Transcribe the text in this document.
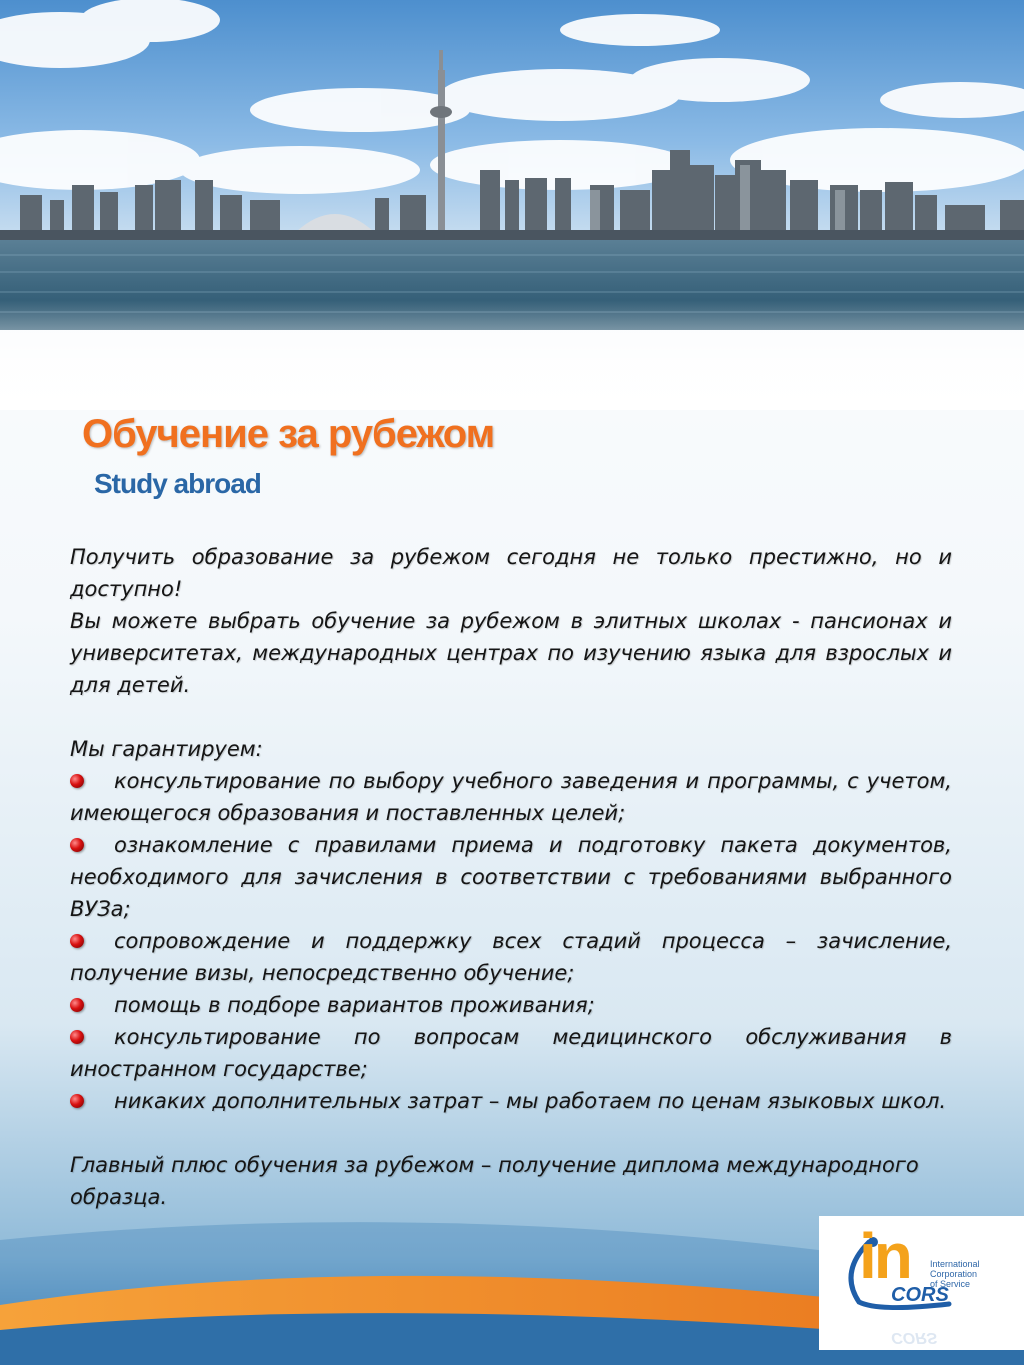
Обучение за рубежом
Study abroad

Получить образование за рубежом сегодня не только престижно, но и доступно!

Вы можете выбрать обучение за рубежом в элитных школах - пансионах и университетах, международных центрах по изучению языка для взрослых и для детей.

Мы гарантируем:

консультирование по выбору учебного заведения и программы, с учетом, имеющегося образования и поставленных целей;

ознакомление с правилами приема и подготовку пакета документов, необходимого для зачисления в соответствии с требованиями выбранного ВУЗа;

сопровождение и поддержку всех стадий процесса – зачисление, получение визы, непосредственно обучение;

помощь в подборе вариантов проживания;

консультирование по вопросам медицинского обслуживания в иностранном государстве;

никаких дополнительных затрат – мы работаем по ценам языковых школ.

Главный плюс обучения за рубежом – получение диплома международного образца.

in International
Corporation
of Service
CORS
CORS 6
